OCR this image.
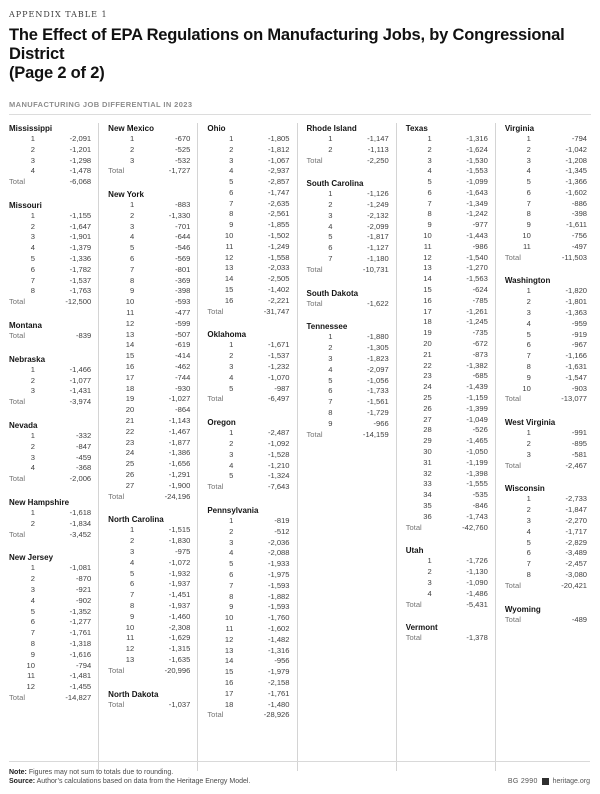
APPENDIX TABLE 1
The Effect of EPA Regulations on Manufacturing Jobs, by Congressional District
(Page 2 of 2)
MANUFACTURING JOB DIFFERENTIAL IN 2023
Mississippi
1	-2,091
2	-1,201
3	-1,298
4	-1,478
Total	-6,068
Missouri
1	-1,155
2	-1,647
3	-1,901
4	-1,379
5	-1,336
6	-1,782
7	-1,537
8	-1,763
Total	-12,500
Montana
Total	-839
Nebraska
1	-1,466
2	-1,077
3	-1,431
Total	-3,974
Nevada
1	-332
2	-847
3	-459
4	-368
Total	-2,006
New Hampshire
1	-1,618
2	-1,834
Total	-3,452
New Jersey
1	-1,081
2	-870
3	-921
4	-902
5	-1,352
6	-1,277
7	-1,761
8	-1,318
9	-1,616
10	-794
11	-1,481
12	-1,455
Total	-14,827
New Mexico
1	-670
2	-525
3	-532
Total	-1,727
New York
1	-883
2	-1,330
3	-701
4	-644
5	-546
6	-569
7	-801
8	-369
9	-398
10	-593
11	-477
12	-599
13	-507
14	-619
15	-414
16	-462
17	-744
18	-930
19	-1,027
20	-864
21	-1,143
22	-1,467
23	-1,877
24	-1,386
25	-1,656
26	-1,291
27	-1,900
Total	-24,196
North Carolina
1	-1,515
2	-1,830
3	-975
4	-1,072
5	-1,932
6	-1,937
7	-1,451
8	-1,937
9	-1,460
10	-2,308
11	-1,629
12	-1,315
13	-1,635
Total	-20,996
North Dakota
Total	-1,037
Ohio
1	-1,805
2	-1,812
3	-1,067
4	-2,937
5	-2,857
6	-1,747
7	-2,635
8	-2,561
9	-1,855
10	-1,502
11	-1,249
12	-1,558
13	-2,033
14	-2,505
15	-1,402
16	-2,221
Total	-31,747
Oklahoma
1	-1,671
2	-1,537
3	-1,232
4	-1,070
5	-987
Total	-6,497
Oregon
1	-2,487
2	-1,092
3	-1,528
4	-1,210
5	-1,324
Total	-7,643
Pennsylvania
1	-819
2	-512
3	-2,036
4	-2,088
5	-1,933
6	-1,975
7	-1,593
8	-1,882
9	-1,593
10	-1,760
11	-1,602
12	-1,482
13	-1,316
14	-956
15	-1,979
16	-2,158
17	-1,761
18	-1,480
Total	-28,926
Rhode Island
1	-1,147
2	-1,113
Total	-2,250
South Carolina
1	-1,126
2	-1,249
3	-2,132
4	-2,099
5	-1,817
6	-1,127
7	-1,180
Total	-10,731
South Dakota
Total	-1,622
Tennessee
1	-1,880
2	-1,305
3	-1,823
4	-2,097
5	-1,056
6	-1,733
7	-1,561
8	-1,729
9	-966
Total	-14,159
Texas
1	-1,316
2	-1,624
3	-1,530
4	-1,553
5	-1,099
6	-1,643
7	-1,349
8	-1,242
9	-977
10	-1,443
11	-986
12	-1,540
13	-1,270
14	-1,563
15	-624
16	-785
17	-1,261
18	-1,245
19	-735
20	-672
21	-873
22	-1,382
23	-685
24	-1,439
25	-1,159
26	-1,399
27	-1,049
28	-526
29	-1,465
30	-1,050
31	-1,199
32	-1,398
33	-1,555
34	-535
35	-846
36	-1,743
Total	-42,760
Utah
1	-1,726
2	-1,130
3	-1,090
4	-1,486
Total	-5,431
Vermont
Total	-1,378
Virginia
1	-794
2	-1,042
3	-1,208
4	-1,345
5	-1,366
6	-1,602
7	-886
8	-398
9	-1,611
10	-756
11	-497
Total	-11,503
Washington
1	-1,820
2	-1,801
3	-1,363
4	-959
5	-919
6	-967
7	-1,166
8	-1,631
9	-1,547
10	-903
Total	-13,077
West Virginia
1	-991
2	-895
3	-581
Total	-2,467
Wisconsin
1	-2,733
2	-1,847
3	-2,270
4	-1,717
5	-2,829
6	-3,489
7	-2,457
8	-3,080
Total	-20,421
Wyoming
Total	-489
Note: Figures may not sum to totals due to rounding.
Source: Author’s calculations based on data from the Heritage Energy Model.	BG 2990 heritage.org
